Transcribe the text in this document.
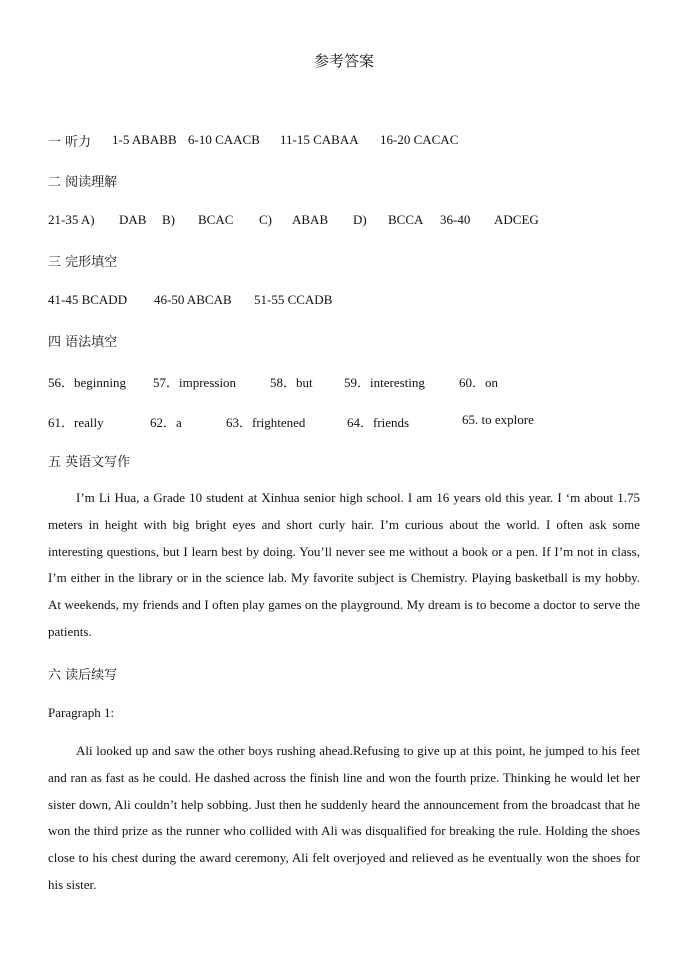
参考答案
一 听力 1-5 ABABB 6-10 CAACB 11-15 CABAA 16-20 CACAC
二 阅读理解
21-35 A) DAB B) BCAC C) ABAB D) BCCA 36-40 ADCEG
三 完形填空
41-45 BCADD 46-50 ABCAB 51-55 CCADB
四 语法填空
56．beginning 57．impression	58．but 59．interesting	60．on
61．really	62．a	63．frightened	64．friends	65. to explore
五 英语文写作
I’m Li Hua, a Grade 10 student at Xinhua senior high school. I am 16 years old this year. I ‘m about 1.75 meters in height with big bright eyes and short curly hair. I’m curious about the world. I often ask some interesting questions, but I learn best by doing. You’ll never see me without a book or a pen. If I’m not in class, I’m either in the library or in the science lab. My favorite subject is Chemistry. Playing basketball is my hobby. At weekends, my friends and I often play games on the playground. My dream is to become a doctor to serve the patients.
六 读后续写
Paragraph 1:
Ali looked up and saw the other boys rushing ahead.Refusing to give up at this point, he jumped to his feet and ran as fast as he could. He dashed across the finish line and won the fourth prize. Thinking he would let her sister down, Ali couldn’t help sobbing. Just then he suddenly heard the announcement from the broadcast that he won the third prize as the runner who collided with Ali was disqualified for breaking the rule. Holding the shoes close to his chest during the award ceremony, Ali felt overjoyed and relieved as he eventually won the shoes for his sister.
